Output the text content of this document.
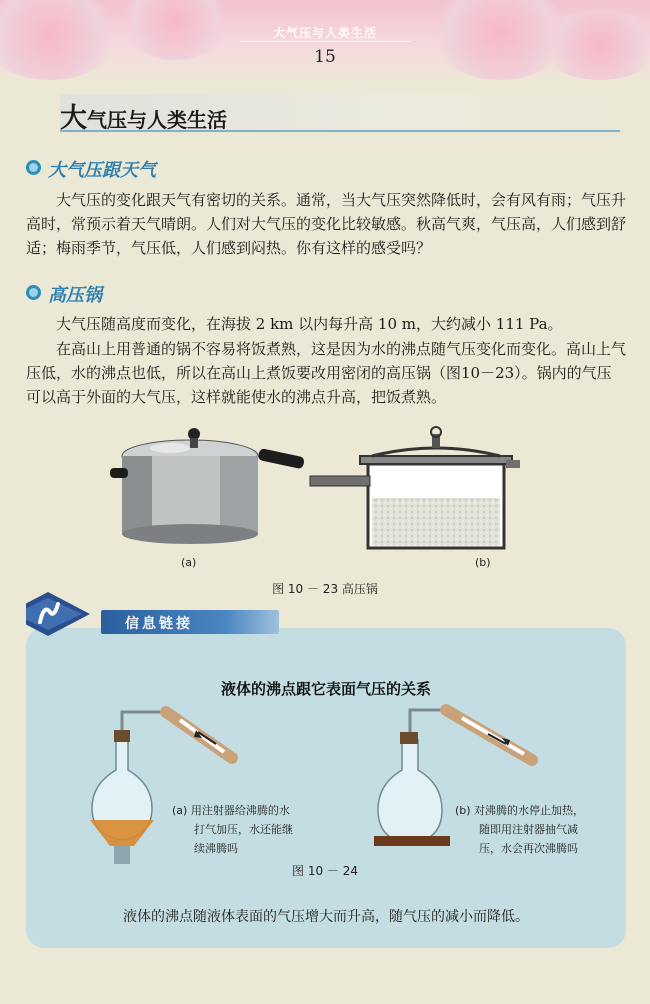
大气压与人类生活
15
大气压与人类生活
大气压跟天气

大气压的变化跟天气有密切的关系。通常，当大气压突然降低时，会有风有雨；气压升高时，常预示着天气晴朗。人们对大气压的变化比较敏感。秋高气爽，气压高，人们感到舒适；梅雨季节，气压低，人们感到闷热。你有这样的感受吗？

高压锅

大气压随高度而变化，在海拔 2 km 以内每升高 10 m，大约减小 111 Pa。

在高山上用普通的锅不容易将饭煮熟，这是因为水的沸点随气压变化而变化。高山上气压低，水的沸点也低，所以在高山上煮饭要改用密闭的高压锅（图10－23）。锅内的气压可以高于外面的大气压，这样就能使水的沸点升高，把饭煮熟。

(a)	(b)
图 10 － 23 高压锅
信息链接
液体的沸点跟它表面气压的关系
(a) 用注射器给沸腾的水
打气加压，水还能继
续沸腾吗
(b) 对沸腾的水停止加热，
随即用注射器抽气减
压，水会再次沸腾吗
图 10 － 24
液体的沸点随液体表面的气压增大而升高，随气压的减小而降低。
